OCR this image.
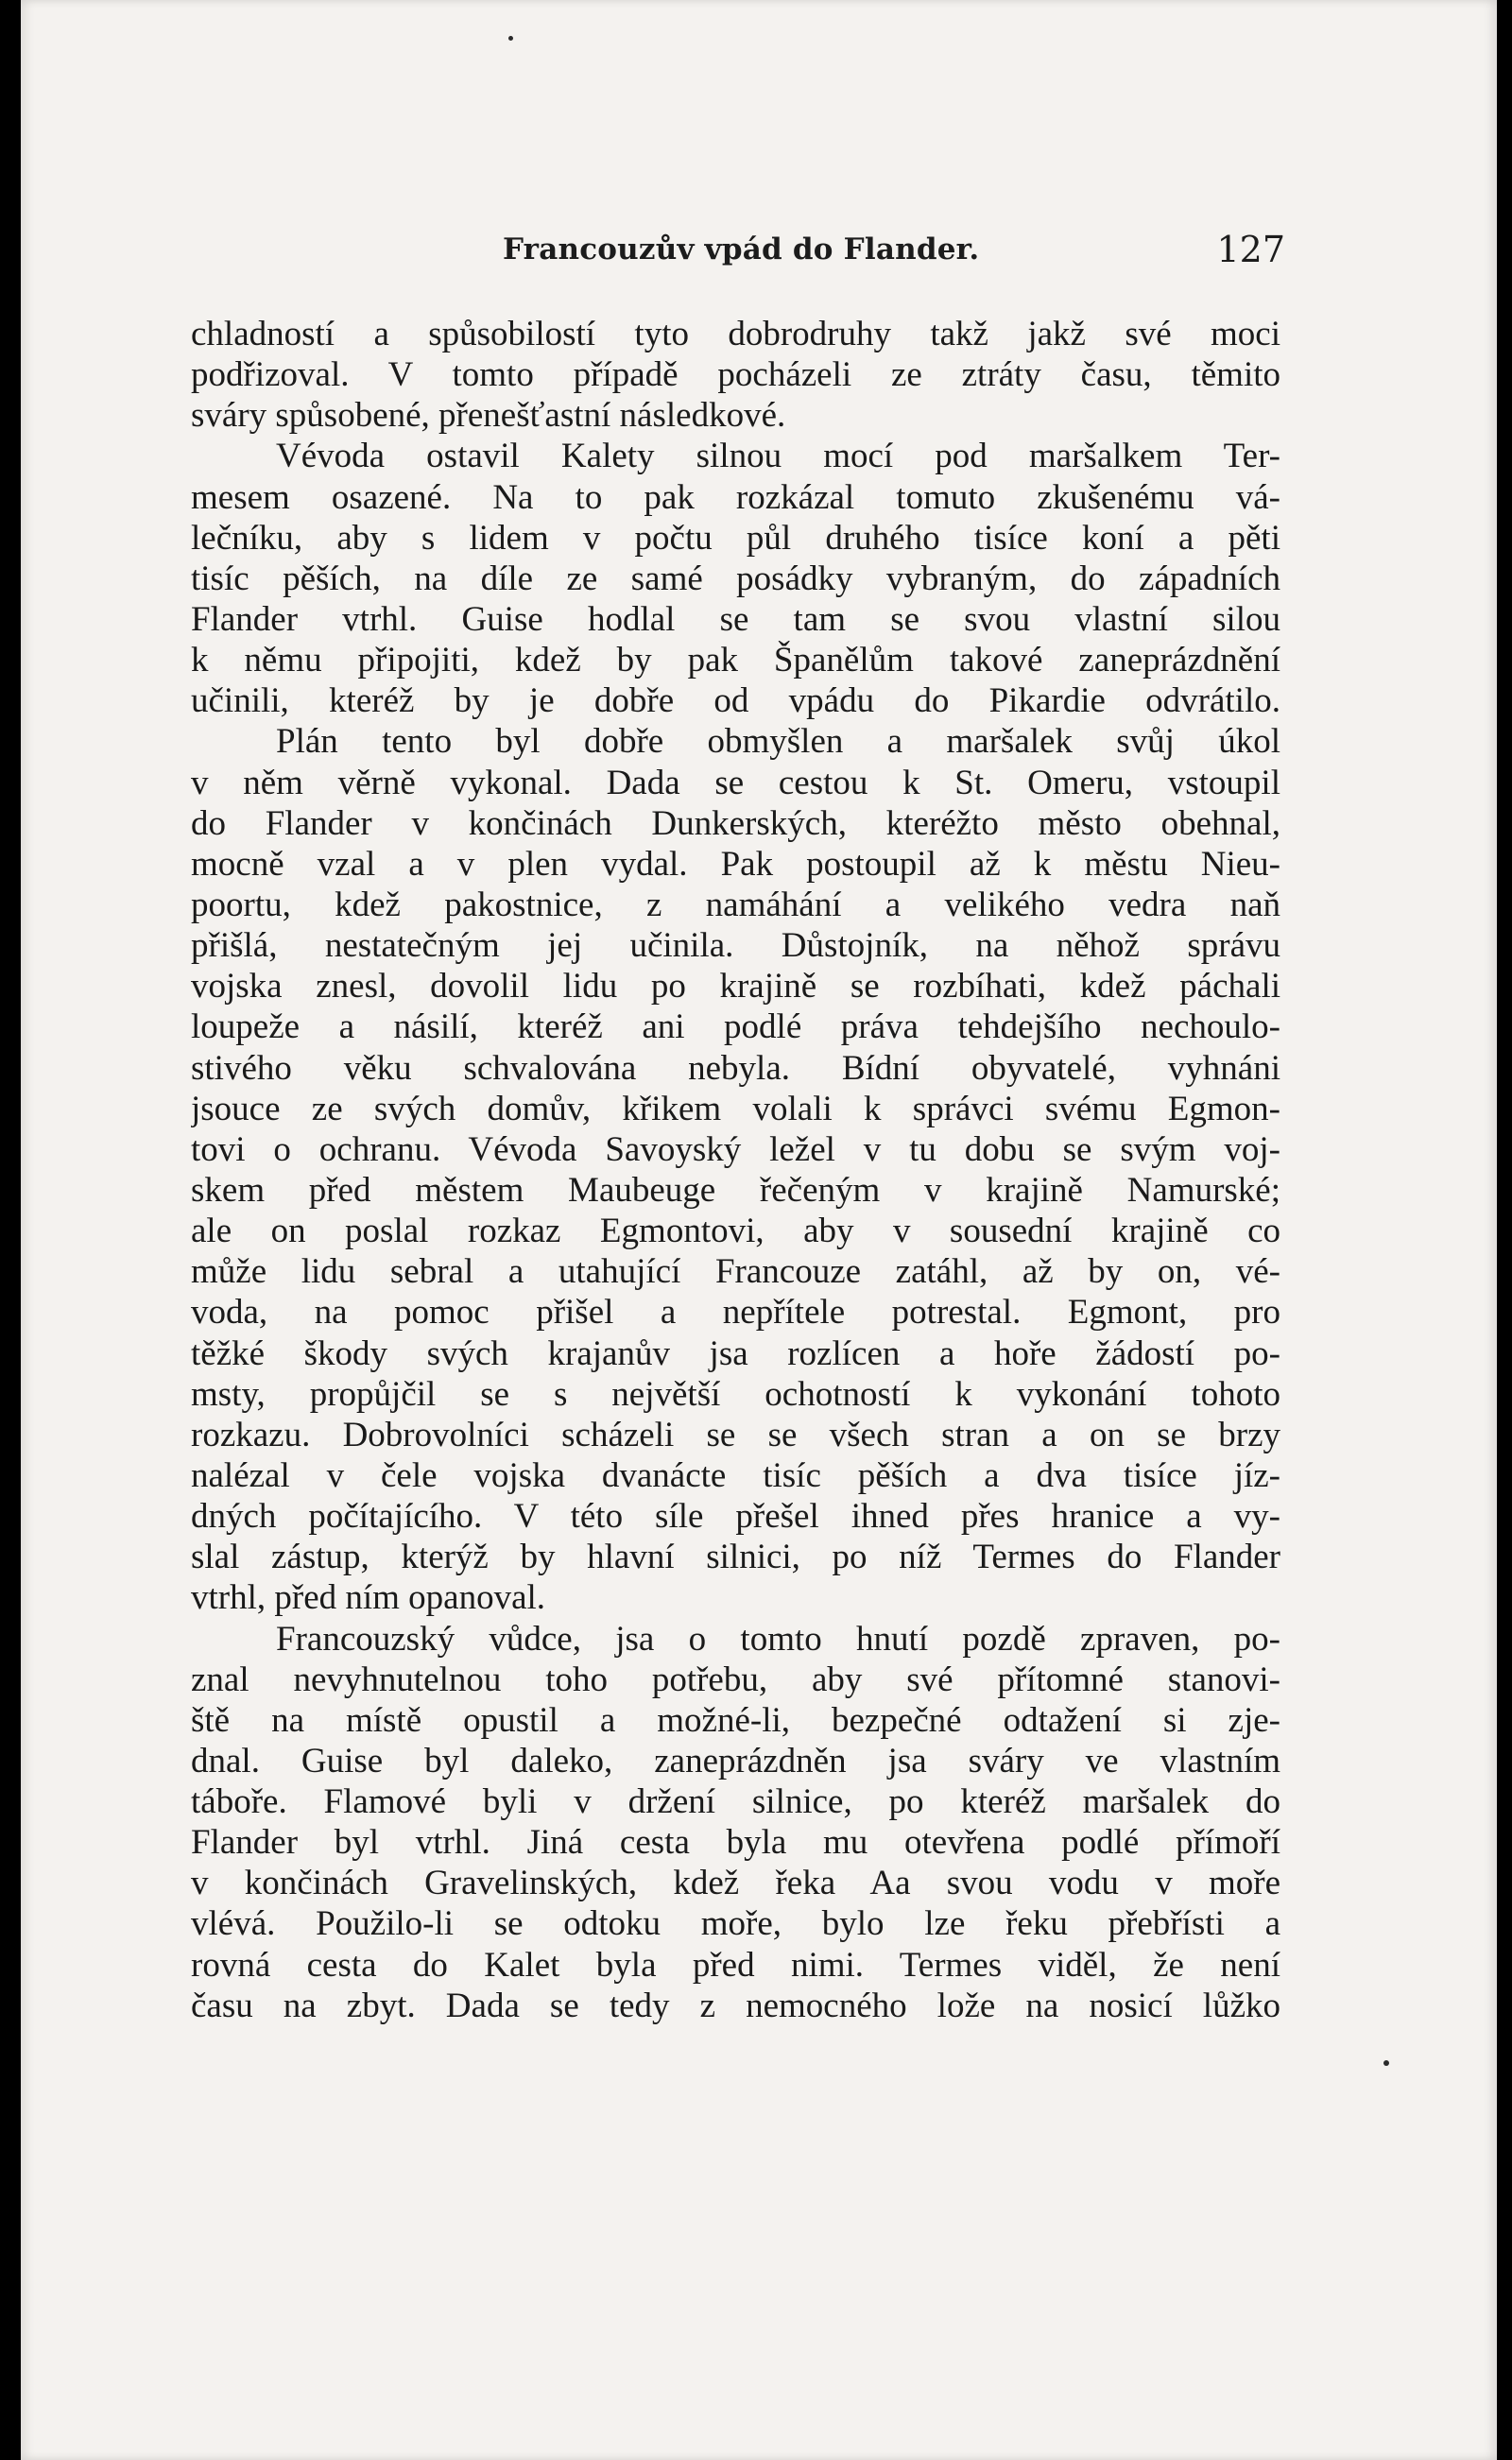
Francouzův vpád do Flander.	127
chladností a spůsobilostí tyto dobrodruhy takž jakž své moci
podřizoval. V tomto případě pocházeli ze ztráty času, těmito
sváry spůsobené, přenešťastní následkové.
Vévoda ostavil Kalety silnou mocí pod maršalkem Ter-
mesem osazené. Na to pak rozkázal tomuto zkušenému vá-
lečníku, aby s lidem v počtu půl druhého tisíce koní a pěti
tisíc pěších, na díle ze samé posádky vybraným, do západních
Flander vtrhl. Guise hodlal se tam se svou vlastní silou
k němu připojiti, kdež by pak Španělům takové zaneprázdnění
učinili, kteréž by je dobře od vpádu do Pikardie odvrátilo.
Plán tento byl dobře obmyšlen a maršalek svůj úkol
v něm věrně vykonal. Dada se cestou k St. Omeru, vstoupil
do Flander v končinách Dunkerských, kteréžto město obehnal,
mocně vzal a v plen vydal. Pak postoupil až k městu Nieu-
poortu, kdež pakostnice, z namáhání a velikého vedra naň
přišlá, nestatečným jej učinila. Důstojník, na něhož správu
vojska znesl, dovolil lidu po krajině se rozbíhati, kdež páchali
loupeže a násilí, kteréž ani podlé práva tehdejšího nechoulo-
stivého věku schvalována nebyla. Bídní obyvatelé, vyhnáni
jsouce ze svých domův, křikem volali k správci svému Egmon-
tovi o ochranu. Vévoda Savoyský ležel v tu dobu se svým voj-
skem před městem Maubeuge řečeným v krajině Namurské;
ale on poslal rozkaz Egmontovi, aby v sousední krajině co
může lidu sebral a utahující Francouze zatáhl, až by on, vé-
voda, na pomoc přišel a nepřítele potrestal. Egmont, pro
těžké škody svých krajanův jsa rozlícen a hoře žádostí po-
msty, propůjčil se s největší ochotností k vykonání tohoto
rozkazu. Dobrovolníci scházeli se se všech stran a on se brzy
nalézal v čele vojska dvanácte tisíc pěších a dva tisíce jíz-
dných počítajícího. V této síle přešel ihned přes hranice a vy-
slal zástup, kterýž by hlavní silnici, po níž Termes do Flander
vtrhl, před ním opanoval.
Francouzský vůdce, jsa o tomto hnutí pozdě zpraven, po-
znal nevyhnutelnou toho potřebu, aby své přítomné stanovi-
ště na místě opustil a možné-li, bezpečné odtažení si zje-
dnal. Guise byl daleko, zaneprázdněn jsa sváry ve vlastním
táboře. Flamové byli v držení silnice, po kteréž maršalek do
Flander byl vtrhl. Jiná cesta byla mu otevřena podlé přímoří
v končinách Gravelinských, kdež řeka Aa svou vodu v moře
vlévá. Použilo-li se odtoku moře, bylo lze řeku přebřísti a
rovná cesta do Kalet byla před nimi. Termes viděl, že není
času na zbyt. Dada se tedy z nemocného lože na nosicí lůžko
